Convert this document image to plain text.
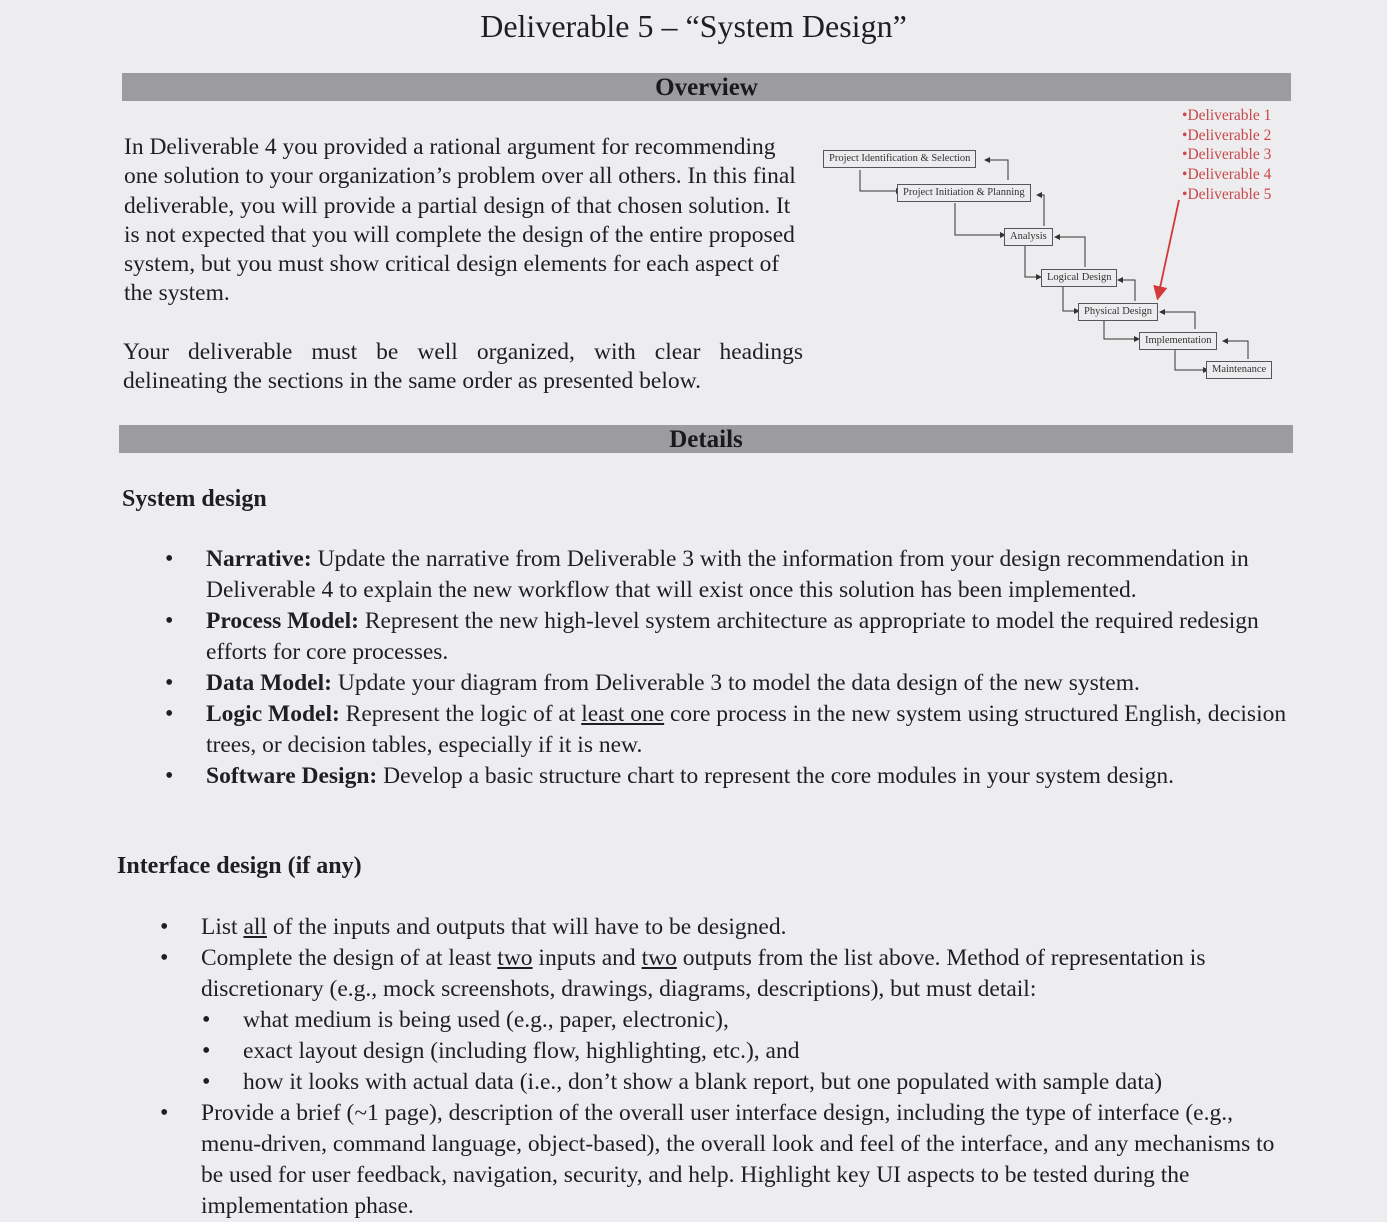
Deliverable 5 – “System Design”
Overview

In Deliverable 4 you provided a rational argument for recommending one solution to your organization’s problem over all others. In this final deliverable, you will provide a partial design of that chosen solution. It is not expected that you will complete the design of the entire proposed system, but you must show critical design elements for each aspect of the system.

Your deliverable must be well organized, with clear headings delineating the sections in the same order as presented below.

Project Identification & Selection
Project Initiation & Planning
Analysis
Logical Design
Physical Design
Implementation
Maintenance
• Deliverable 1
• Deliverable 2
• Deliverable 3
• Deliverable 4
• Deliverable 5
Details
System design
• Narrative: Update the narrative from Deliverable 3 with the information from your design recommendation in Deliverable 4 to explain the new workflow that will exist once this solution has been implemented.
• Process Model: Represent the new high-level system architecture as appropriate to model the required redesign efforts for core processes.
• Data Model: Update your diagram from Deliverable 3 to model the data design of the new system.
• Logic Model: Represent the logic of at least one core process in the new system using structured English, decision trees, or decision tables, especially if it is new.
• Software Design: Develop a basic structure chart to represent the core modules in your system design.
Interface design (if any)
• List all of the inputs and outputs that will have to be designed.
• Complete the design of at least two inputs and two outputs from the list above. Method of representation is discretionary (e.g., mock screenshots, drawings, diagrams, descriptions), but must detail:
• what medium is being used (e.g., paper, electronic),
• exact layout design (including flow, highlighting, etc.), and
• how it looks with actual data (i.e., don’t show a blank report, but one populated with sample data)
• Provide a brief (~1 page), description of the overall user interface design, including the type of interface (e.g., menu-driven, command language, object-based), the overall look and feel of the interface, and any mechanisms to be used for user feedback, navigation, security, and help. Highlight key UI aspects to be tested during the implementation phase.
